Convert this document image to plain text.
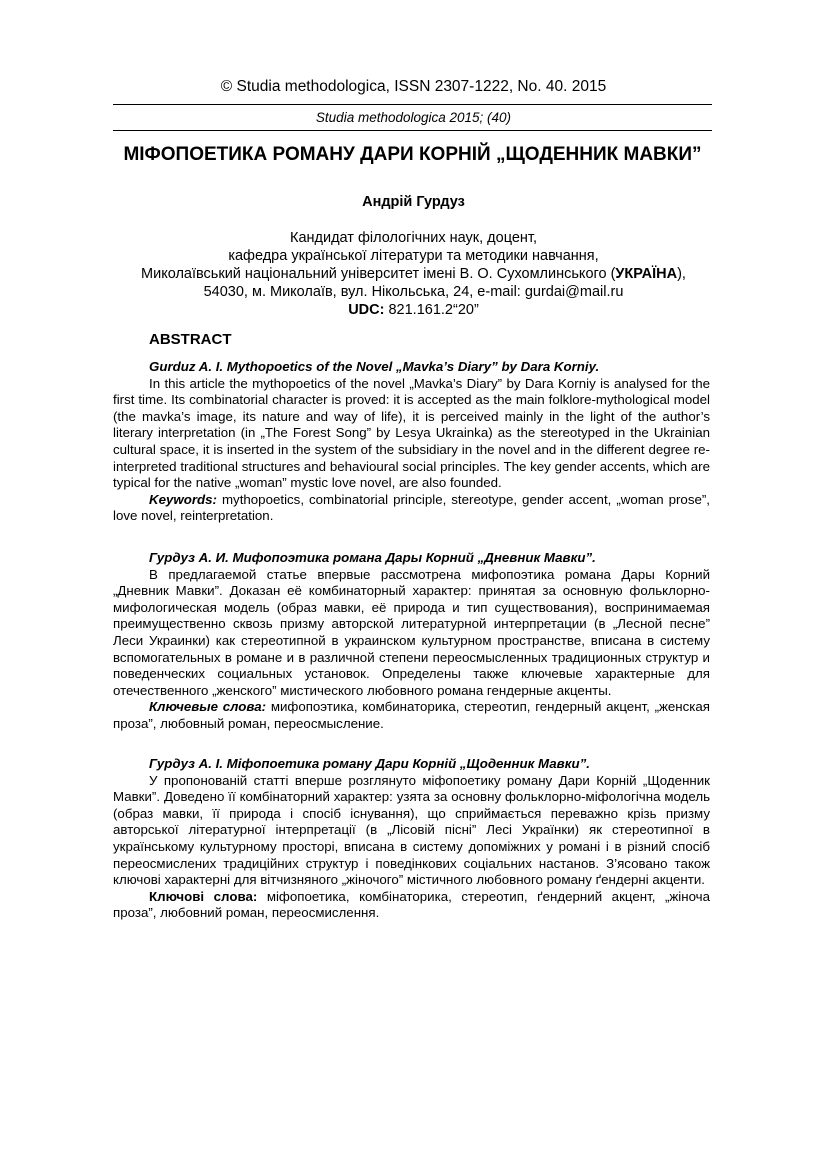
© Studia methodologica, ISSN 2307-1222, No. 40. 2015
Studia methodologica 2015; (40)
МІФОПОЕТИКА РОМАНУ ДАРИ КОРНІЙ „ЩОДЕННИК МАВКИ”
Андрій Гурдуз
Кандидат філологічних наук, доцент,
кафедра української літератури та методики навчання,
Миколаївський національний університет імені В. О. Сухомлинського (УКРАЇНА),
54030, м. Миколаїв, вул. Нікольська, 24, e-mail: gurdai@mail.ru
UDC: 821.161.2“20”
ABSTRACT

Gurduz A. I. Mythopoetics of the Novel „Mavka’s Diary” by Dara Korniy.

In this article the mythopoetics of the novel „Mavka’s Diary” by Dara Korniy is analysed for the first time. Its combinatorial character is proved: it is accepted as the main folklore-mythological model (the mavka’s image, its nature and way of life), it is perceived mainly in the light of the author’s literary interpretation (in „The Forest Song” by Lesya Ukrainka) as the stereotyped in the Ukrainian cultural space, it is inserted in the system of the subsidiary in the novel and in the different degree re-interpreted traditional structures and behavioural social principles. The key gender accents, which are typical for the native „woman” mystic love novel, are also founded.

Keywords: mythopoetics, combinatorial principle, stereotype, gender accent, „woman prose”, love novel, reinterpretation.

Гурдуз А. И. Мифопоэтика романа Дары Корний „Дневник Мавки”.

В предлагаемой статье впервые рассмотрена мифопоэтика романа Дары Корний „Дневник Мавки”. Доказан её комбинаторный характер: принятая за основную фольклорно-мифологическая модель (образ мавки, её природа и тип существования), воспринимаемая преимущественно сквозь призму авторской литературной интерпретации (в „Лесной песне” Леси Украинки) как стереотипной в украинском культурном пространстве, вписана в систему вспомогательных в романе и в различной степени переосмысленных традиционных структур и поведенческих социальных установок. Определены также ключевые характерные для отечественного „женского” мистического любовного романа гендерные акценты.

Ключевые слова: мифопоэтика, комбинаторика, стереотип, гендерный акцент, „женская проза”, любовный роман, переосмысление.

Гурдуз А. І. Міфопоетика роману Дари Корній „Щоденник Мавки”.

У пропонованій статті вперше розглянуто міфопоетику роману Дари Корній „Щоденник Мавки”. Доведено її комбінаторний характер: узята за основну фольклорно-міфологічна модель (образ мавки, її природа і спосіб існування), що сприймається переважно крізь призму авторської літературної інтерпретації (в „Лісовій пісні” Лесі Українки) як стереотипної в українському культурному просторі, вписана в систему допоміжних у романі і в різний спосіб переосмислених традиційних структур і поведінкових соціальних настанов. З’ясовано також ключові характерні для вітчизняного „жіночого” містичного любовного роману ґендерні акценти.

Ключові слова: міфопоетика, комбінаторика, стереотип, ґендерний акцент, „жіноча проза”, любовний роман, переосмислення.
